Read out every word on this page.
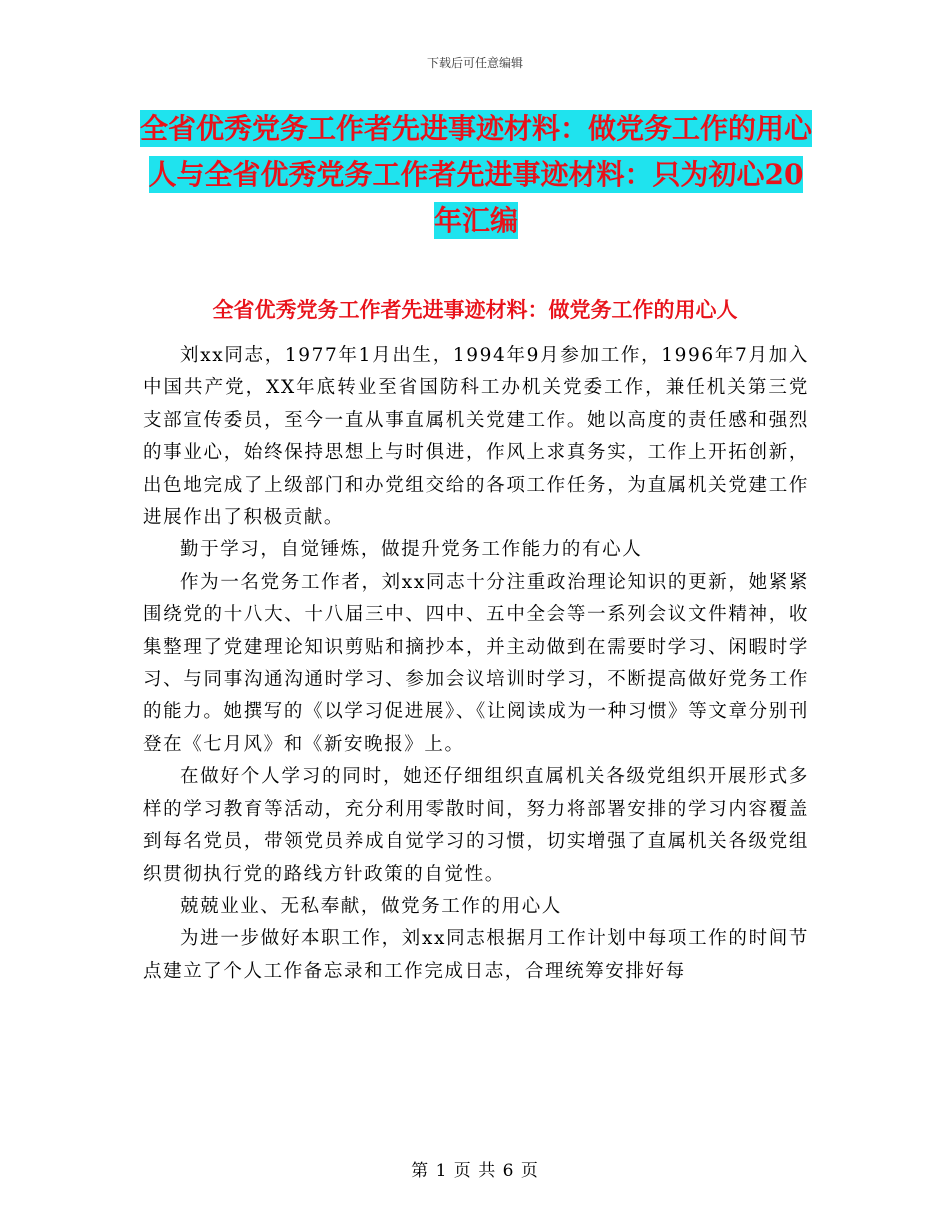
下载后可任意编辑
全省优秀党务工作者先进事迹材料：做党务工作的用心人与全省优秀党务工作者先进事迹材料：只为初心20年汇编
全省优秀党务工作者先进事迹材料：做党务工作的用心人

刘xx同志，1977年1月出生，1994年9月参加工作，1996年7月加入中国共产党，XX年底转业至省国防科工办机关党委工作，兼任机关第三党支部宣传委员，至今一直从事直属机关党建工作。她以高度的责任感和强烈的事业心，始终保持思想上与时俱进，作风上求真务实，工作上开拓创新，出色地完成了上级部门和办党组交给的各项工作任务，为直属机关党建工作进展作出了积极贡献。

勤于学习，自觉锤炼，做提升党务工作能力的有心人

作为一名党务工作者，刘xx同志十分注重政治理论知识的更新，她紧紧围绕党的十八大、十八届三中、四中、五中全会等一系列会议文件精神，收集整理了党建理论知识剪贴和摘抄本，并主动做到在需要时学习、闲暇时学习、与同事沟通沟通时学习、参加会议培训时学习，不断提高做好党务工作的能力。她撰写的《以学习促进展》、《让阅读成为一种习惯》等文章分别刊登在《七月风》和《新安晚报》上。

在做好个人学习的同时，她还仔细组织直属机关各级党组织开展形式多样的学习教育等活动，充分利用零散时间，努力将部署安排的学习内容覆盖到每名党员，带领党员养成自觉学习的习惯，切实增强了直属机关各级党组织贯彻执行党的路线方针政策的自觉性。

兢兢业业、无私奉献，做党务工作的用心人

为进一步做好本职工作，刘xx同志根据月工作计划中每项工作的时间节点建立了个人工作备忘录和工作完成日志，合理统筹安排好每

第 1 页 共 6 页
